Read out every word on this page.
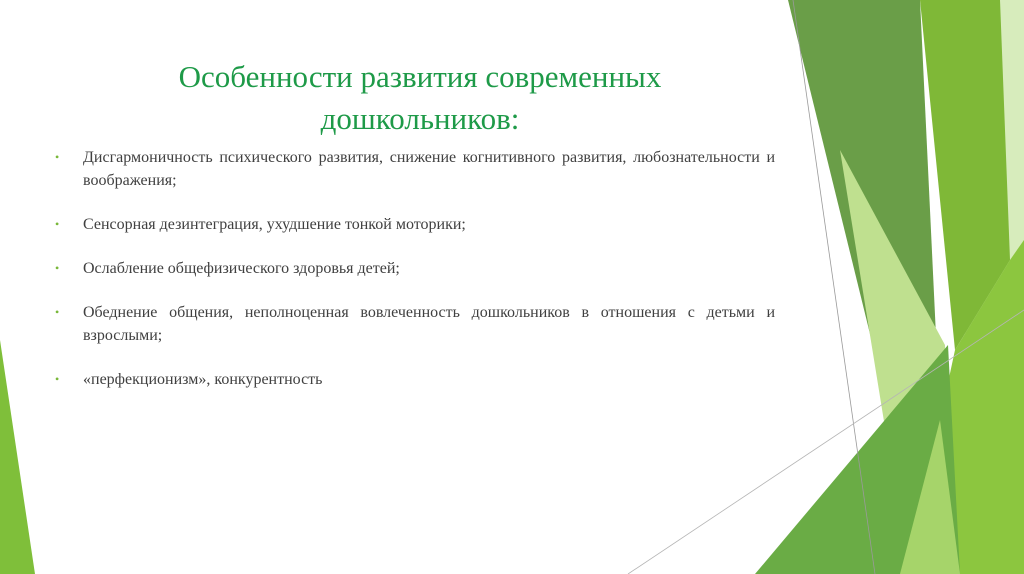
Особенности развития современных дошкольников:
• Дисгармоничность психического развития, снижение когнитивного развития, любознательности и воображения;
• Сенсорная дезинтеграция, ухудшение тонкой моторики;
• Ослабление общефизического здоровья детей;
• Обеднение общения, неполноценная вовлеченность дошкольников в отношения с детьми и взрослыми;
• «перфекционизм», конкурентность
